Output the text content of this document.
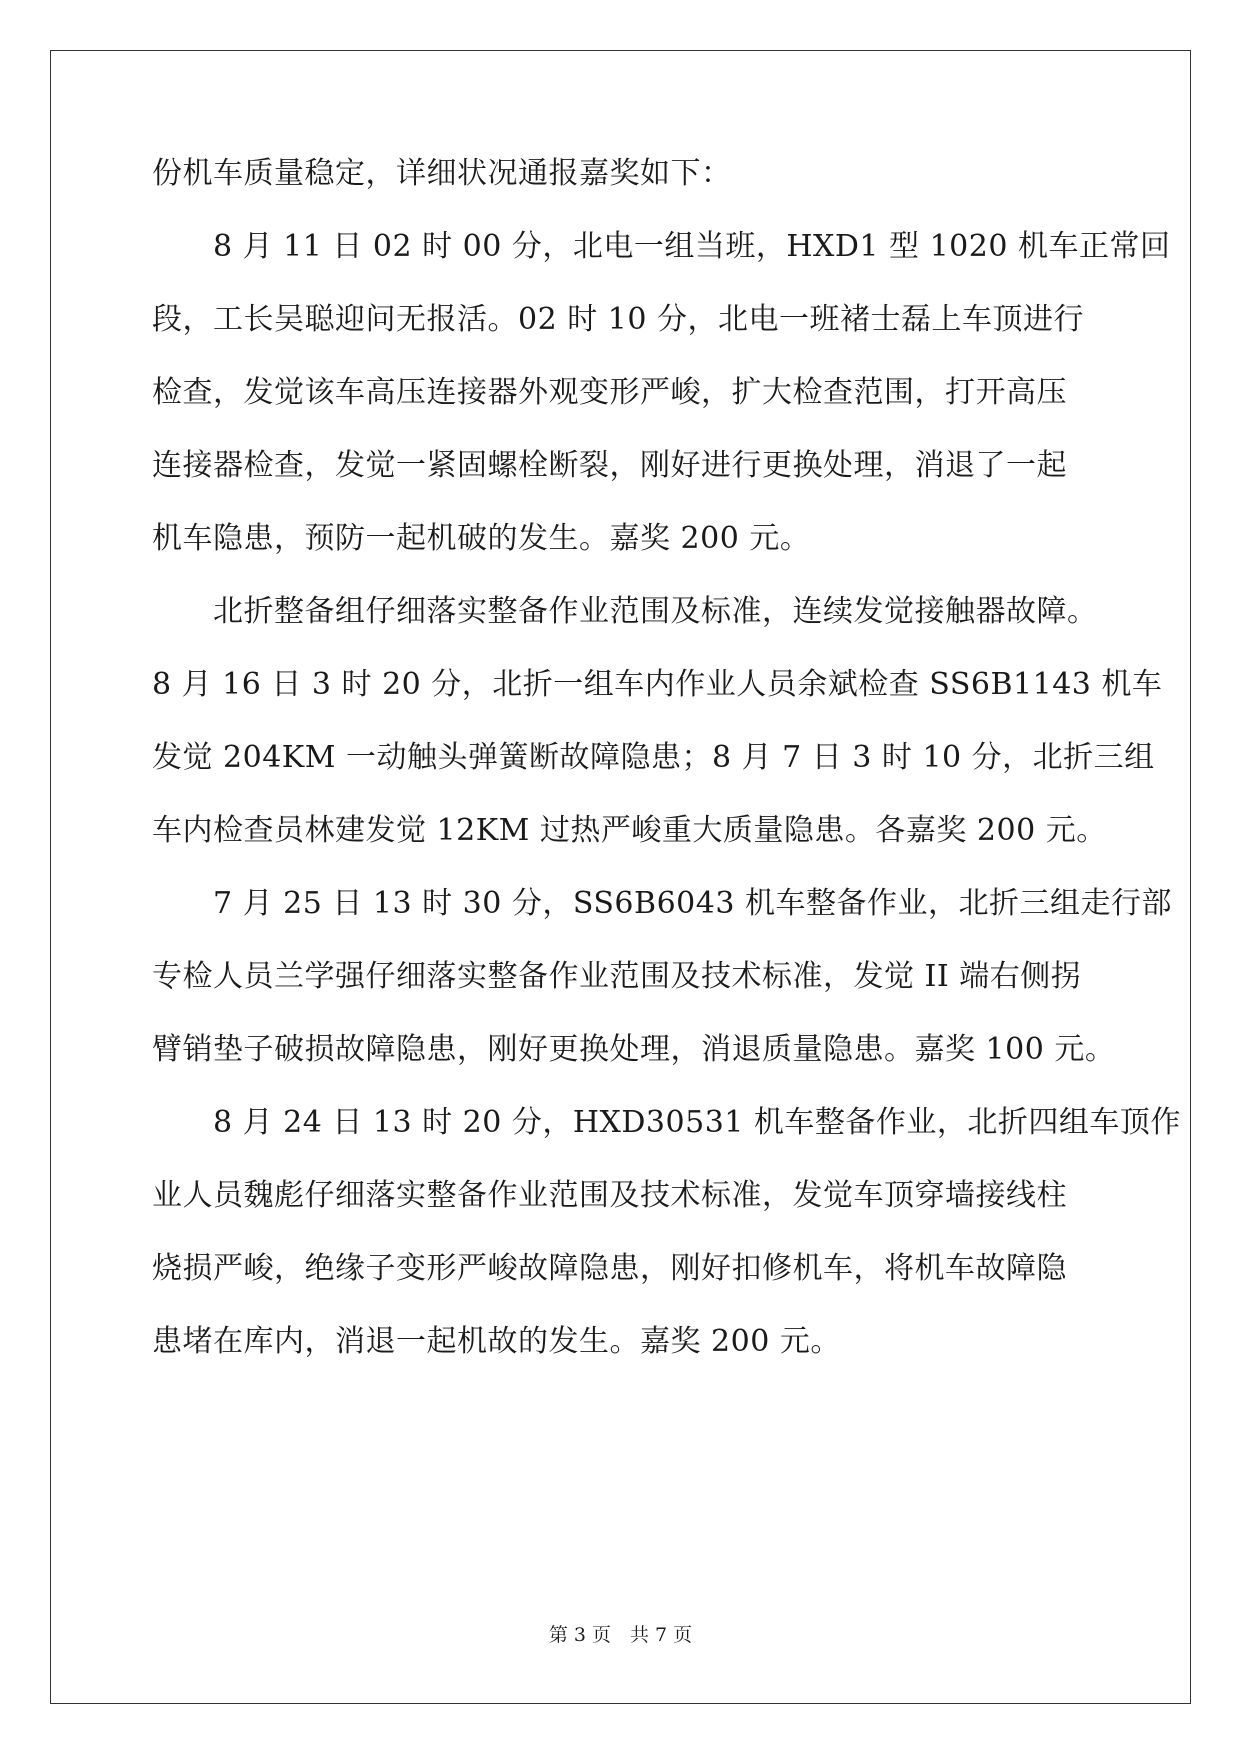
份机车质量稳定，详细状况通报嘉奖如下：
　　8 月 11 日 02 时 00 分，北电一组当班，HXD1 型 1020 机车正常回
段，工长吴聪迎问无报活。02 时 10 分，北电一班褚士磊上车顶进行
检查，发觉该车高压连接器外观变形严峻，扩大检查范围，打开高压
连接器检查，发觉一紧固螺栓断裂，刚好进行更换处理，消退了一起
机车隐患，预防一起机破的发生。嘉奖 200 元。
　　北折整备组仔细落实整备作业范围及标准，连续发觉接触器故障。
8 月 16 日 3 时 20 分，北折一组车内作业人员余斌检查 SS6B1143 机车
发觉 204KM 一动触头弹簧断故障隐患；8 月 7 日 3 时 10 分，北折三组
车内检查员林建发觉 12KM 过热严峻重大质量隐患。各嘉奖 200 元。
　　7 月 25 日 13 时 30 分，SS6B6043 机车整备作业，北折三组走行部
专检人员兰学强仔细落实整备作业范围及技术标准，发觉 II 端右侧拐
臂销垫子破损故障隐患，刚好更换处理，消退质量隐患。嘉奖 100 元。
　　8 月 24 日 13 时 20 分，HXD30531 机车整备作业，北折四组车顶作
业人员魏彪仔细落实整备作业范围及技术标准，发觉车顶穿墙接线柱
烧损严峻，绝缘子变形严峻故障隐患，刚好扣修机车，将机车故障隐
患堵在库内，消退一起机故的发生。嘉奖 200 元。
第 3 页　共 7 页
